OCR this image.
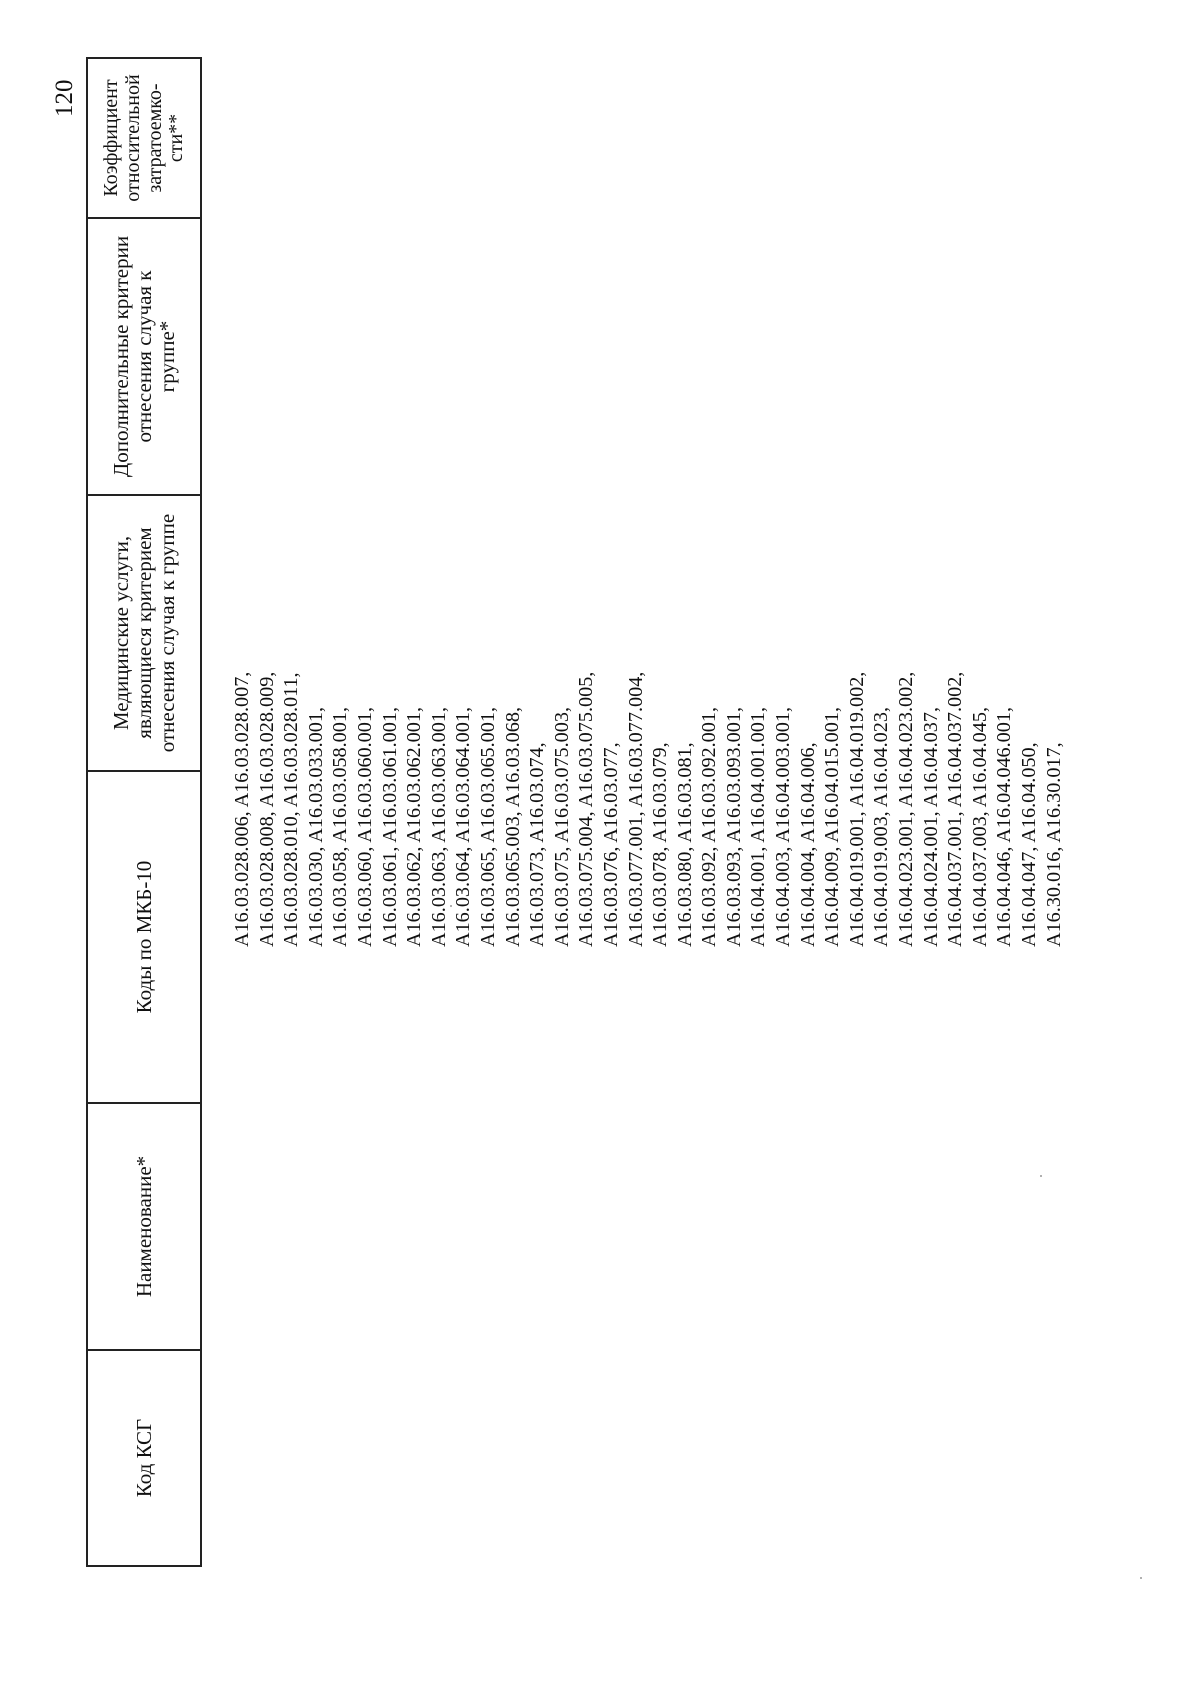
120
Код КСГ
Наименование*
Коды по МКБ-10
Медицинские услуги,
являющиеся критерием
отнесения случая к группе
Дополнительные критерии
отнесения случая к
группе*
Коэффициент
относительной
затратоемко-
сти**
A16.03.028.006, A16.03.028.007, A16.03.028.008, A16.03.028.009, A16.03.028.010, A16.03.028.011, A16.03.030, A16.03.033.001, A16.03.058, A16.03.058.001, A16.03.060, A16.03.060.001, A16.03.061, A16.03.061.001, A16.03.062, A16.03.062.001, A16.03.063, A16.03.063.001, A16.03.064, A16.03.064.001, A16.03.065, A16.03.065.001, A16.03.065.003, A16.03.068, A16.03.073, A16.03.074, A16.03.075, A16.03.075.003, A16.03.075.004, A16.03.075.005, A16.03.076, A16.03.077, A16.03.077.001, A16.03.077.004, A16.03.078, A16.03.079, A16.03.080, A16.03.081, A16.03.092, A16.03.092.001, A16.03.093, A16.03.093.001, A16.04.001, A16.04.001.001, A16.04.003, A16.04.003.001, A16.04.004, A16.04.006, A16.04.009, A16.04.015.001, A16.04.019.001, A16.04.019.002, A16.04.019.003, A16.04.023, A16.04.023.001, A16.04.023.002, A16.04.024.001, A16.04.037, A16.04.037.001, A16.04.037.002, A16.04.037.003, A16.04.045, A16.04.046, A16.04.046.001, A16.04.047, A16.04.050, A16.30.016, A16.30.017,
